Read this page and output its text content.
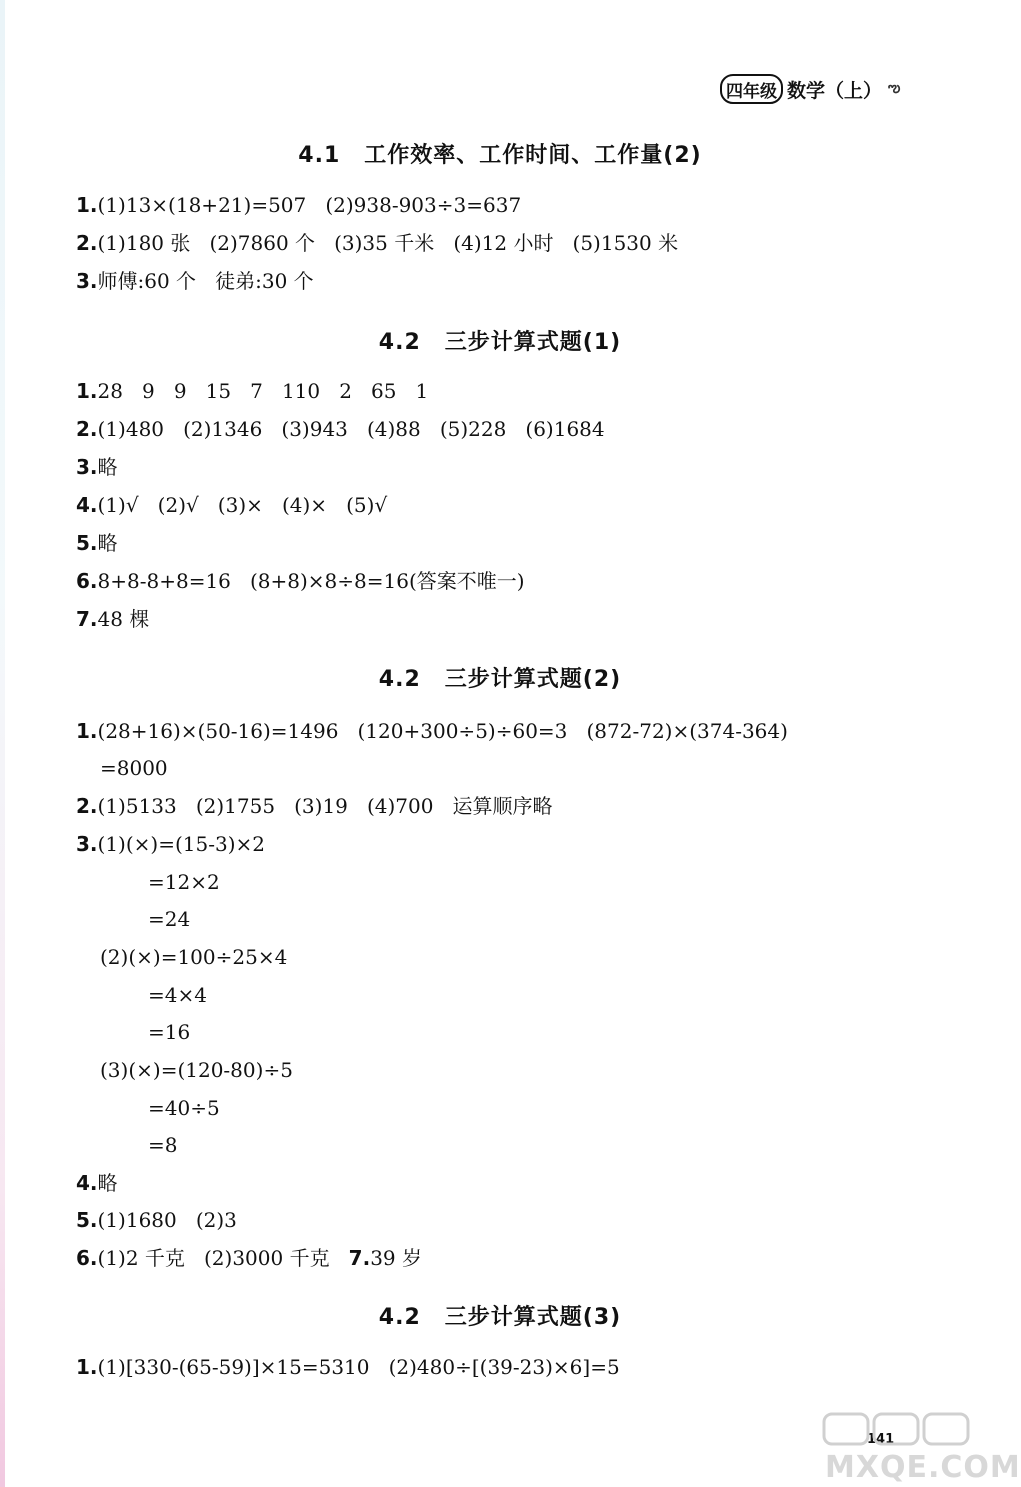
四年级 数学（上） ఌ
4.1 工作效率、工作时间、工作量(2)
1.(1)13×(18+21)=507   (2)938-903÷3=637
2.(1)180 张   (2)7860 个   (3)35 千米   (4)12 小时   (5)1530 米
3.师傅:60 个   徒弟:30 个
4.2 三步计算式题(1)
1.28   9   9   15   7   110   2   65   1
2.(1)480   (2)1346   (3)943   (4)88   (5)228   (6)1684
3.略
4.(1)√   (2)√   (3)×   (4)×   (5)√
5.略
6.8+8-8+8=16   (8+8)×8÷8=16(答案不唯一)
7.48 棵
4.2 三步计算式题(2)
1.(28+16)×(50-16)=1496   (120+300÷5)÷60=3   (872-72)×(374-364)
=8000
2.(1)5133   (2)1755   (3)19   (4)700   运算顺序略
3.(1)(×)=(15-3)×2
=12×2
=24
(2)(×)=100÷25×4
=4×4
=16
(3)(×)=(120-80)÷5
=40÷5
=8
4.略
5.(1)1680   (2)3
6.(1)2 千克   (2)3000 千克   7.39 岁
4.2 三步计算式题(3)
1.(1)[330-(65-59)]×15=5310   (2)480÷[(39-23)×6]=5
141
MXQE.COM
